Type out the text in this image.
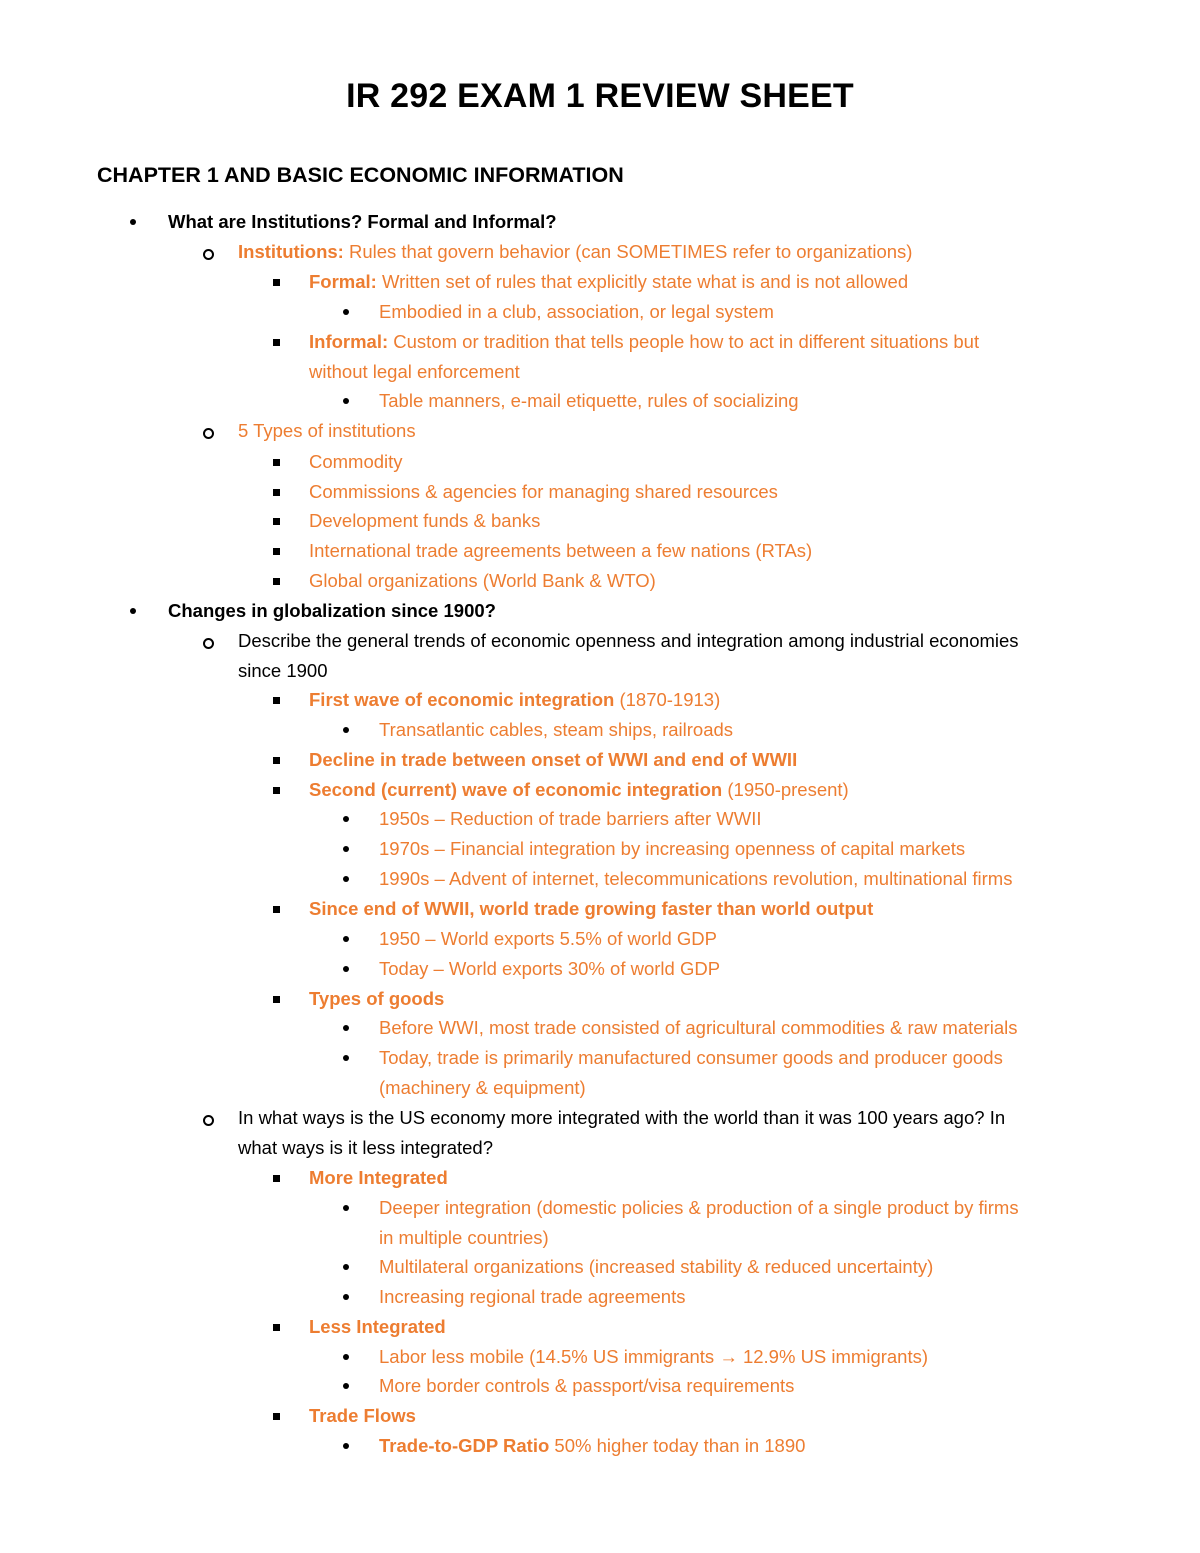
IR 292 EXAM 1 REVIEW SHEET
CHAPTER 1 AND BASIC ECONOMIC INFORMATION
What are Institutions? Formal and Informal?
Institutions: Rules that govern behavior (can SOMETIMES refer to organizations)
Formal: Written set of rules that explicitly state what is and is not allowed
Embodied in a club, association, or legal system
Informal: Custom or tradition that tells people how to act in different situations but
without legal enforcement
Table manners, e-mail etiquette, rules of socializing
5 Types of institutions
Commodity
Commissions & agencies for managing shared resources
Development funds & banks
International trade agreements between a few nations (RTAs)
Global organizations (World Bank & WTO)
Changes in globalization since 1900?
Describe the general trends of economic openness and integration among industrial economies
since 1900
First wave of economic integration (1870-1913)
Transatlantic cables, steam ships, railroads
Decline in trade between onset of WWI and end of WWII
Second (current) wave of economic integration (1950-present)
1950s – Reduction of trade barriers after WWII
1970s – Financial integration by increasing openness of capital markets
1990s – Advent of internet, telecommunications revolution, multinational firms
Since end of WWII, world trade growing faster than world output
1950 – World exports 5.5% of world GDP
Today – World exports 30% of world GDP
Types of goods
Before WWI, most trade consisted of agricultural commodities & raw materials
Today, trade is primarily manufactured consumer goods and producer goods
(machinery & equipment)
In what ways is the US economy more integrated with the world than it was 100 years ago? In
what ways is it less integrated?
More Integrated
Deeper integration (domestic policies & production of a single product by firms
in multiple countries)
Multilateral organizations (increased stability & reduced uncertainty)
Increasing regional trade agreements
Less Integrated
Labor less mobile (14.5% US immigrants → 12.9% US immigrants)
More border controls & passport/visa requirements
Trade Flows
Trade-to-GDP Ratio 50% higher today than in 1890
